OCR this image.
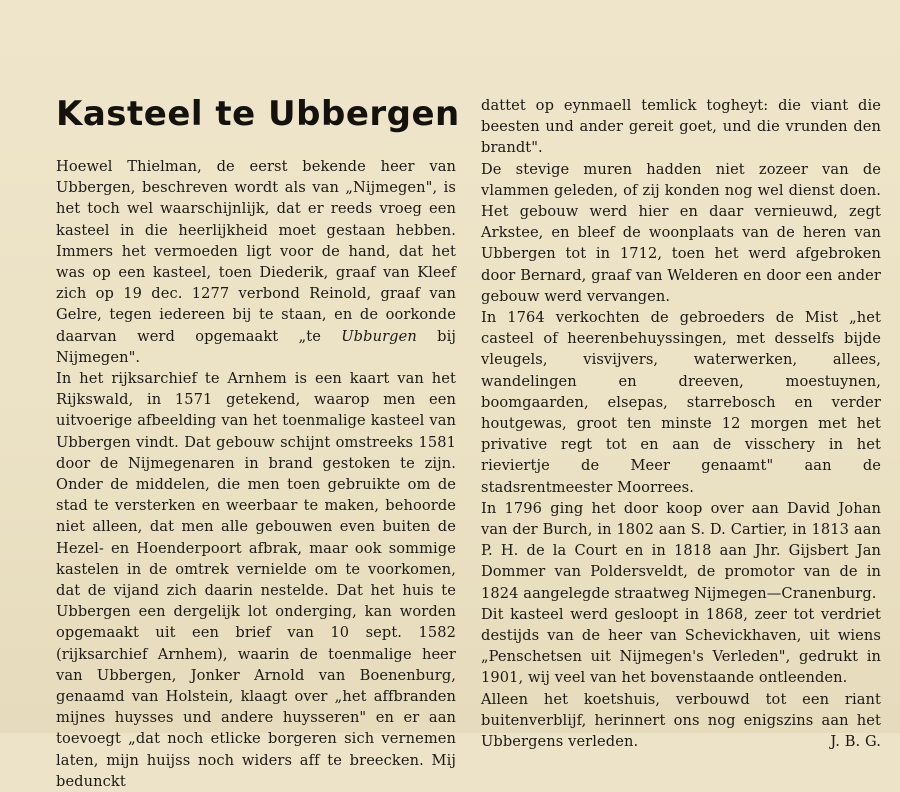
Kasteel te Ubbergen

Hoewel Thielman, de eerst bekende heer van Ubbergen, beschreven wordt als van „Nijmegen", is het toch wel waarschijnlijk, dat er reeds vroeg een kasteel in die heerlijkheid moet gestaan hebben. Immers het vermoeden ligt voor de hand, dat het was op een kasteel, toen Diederik, graaf van Kleef zich op 19 dec. 1277 verbond Reinold, graaf van Gelre, tegen iedereen bij te staan, en de oorkonde daarvan werd opgemaakt „te Ubburgen bij Nijmegen".

In het rijksarchief te Arnhem is een kaart van het Rijkswald, in 1571 getekend, waarop men een uitvoerige afbeelding van het toenmalige kasteel van Ubbergen vindt. Dat gebouw schijnt omstreeks 1581 door de Nijmegenaren in brand gestoken te zijn. Onder de middelen, die men toen gebruikte om de stad te versterken en weerbaar te maken, behoorde niet alleen, dat men alle gebouwen even buiten de Hezel- en Hoenderpoort afbrak, maar ook sommige kastelen in de omtrek vernielde om te voorkomen, dat de vijand zich daarin nestelde. Dat het huis te Ubbergen een dergelijk lot onderging, kan worden opgemaakt uit een brief van 10 sept. 1582 (rijksarchief Arnhem), waarin de toenmalige heer van Ubbergen, Jonker Arnold van Boenenburg, genaamd van Holstein, klaagt over „het affbranden mijnes huysses und andere huysseren" en er aan toevoegt „dat noch etlicke borgeren sich vernemen laten, mijn huijss noch widers aff te breecken. Mij bedunckt

dattet op eynmaell temlick togheyt: die viant die beesten und ander gereit goet, und die vrunden den brandt".

De stevige muren hadden niet zozeer van de vlammen geleden, of zij konden nog wel dienst doen. Het gebouw werd hier en daar vernieuwd, zegt Arkstee, en bleef de woonplaats van de heren van Ubbergen tot in 1712, toen het werd afgebroken door Bernard, graaf van Welderen en door een ander gebouw werd vervangen.

In 1764 verkochten de gebroeders de Mist „het casteel of heerenbehuyssingen, met desselfs bijde vleugels, visvijvers, waterwerken, allees, wandelingen en dreeven, moestuynen, boomgaarden, elsepas, starrebosch en verder houtgewas, groot ten minste 12 morgen met het privative regt tot en aan de visschery in het rieviertje de Meer genaamt" aan de stadsrentmeester Moorrees.

In 1796 ging het door koop over aan David Johan van der Burch, in 1802 aan S. D. Cartier, in 1813 aan P. H. de la Court en in 1818 aan Jhr. Gijsbert Jan Dommer van Poldersveldt, de promotor van de in 1824 aangelegde straatweg Nijmegen—Cranenburg.

Dit kasteel werd gesloopt in 1868, zeer tot verdriet destijds van de heer van Schevickhaven, uit wiens „Penschetsen uit Nijmegen's Verleden", gedrukt in 1901, wij veel van het bovenstaande ontleenden.

Alleen het koetshuis, verbouwd tot een riant buitenverblijf, herinnert ons nog enigszins aan het Ubbergens verleden.	J. B. G.
